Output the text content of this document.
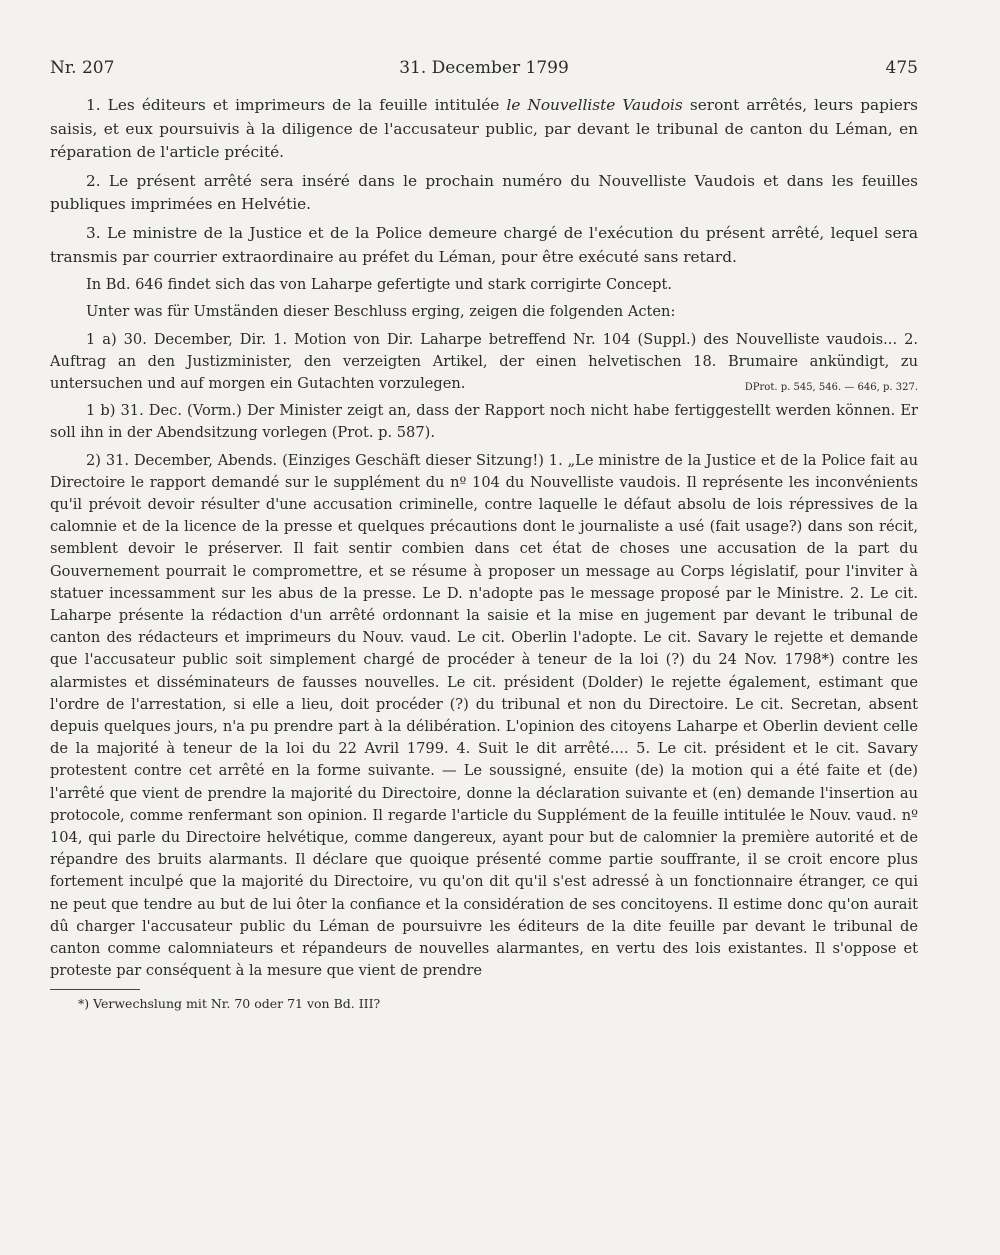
Nr. 207	31. December 1799	475

1. Les éditeurs et imprimeurs de la feuille intitulée le Nouvelliste Vaudois seront arrêtés, leurs papiers saisis, et eux poursuivis à la diligence de l'accusateur public, par devant le tribunal de canton du Léman, en réparation de l'article précité.

2. Le présent arrêté sera inséré dans le prochain numéro du Nouvelliste Vaudois et dans les feuilles publiques imprimées en Helvétie.

3. Le ministre de la Justice et de la Police demeure chargé de l'exécution du présent arrêté, lequel sera transmis par courrier extraordinaire au préfet du Léman, pour être exécuté sans retard.

In Bd. 646 findet sich das von Laharpe gefertigte und stark corrigirte Concept.

Unter was für Umständen dieser Beschluss erging, zeigen die folgenden Acten:

1 a) 30. December, Dir. 1. Motion von Dir. Laharpe betreffend Nr. 104 (Suppl.) des Nouvelliste vaudois... 2. Auftrag an den Justizminister, den verzeigten Artikel, der einen helvetischen 18. Brumaire ankündigt, zu untersuchen und auf morgen ein Gutachten vorzulegen.	DProt. p. 545, 546. — 646, p. 327.

1 b) 31. Dec. (Vorm.) Der Minister zeigt an, dass der Rapport noch nicht habe fertiggestellt werden können. Er soll ihn in der Abendsitzung vorlegen (Prot. p. 587).

2) 31. December, Abends. (Einziges Geschäft dieser Sitzung!) 1. „Le ministre de la Justice et de la Police fait au Directoire le rapport demandé sur le supplément du nº 104 du Nouvelliste vaudois. Il représente les inconvénients qu'il prévoit devoir résulter d'une accusation criminelle, contre laquelle le défaut absolu de lois répressives de la calomnie et de la licence de la presse et quelques précautions dont le journaliste a usé (fait usage?) dans son récit, semblent devoir le préserver. Il fait sentir combien dans cet état de choses une accusation de la part du Gouvernement pourrait le compromettre, et se résume à proposer un message au Corps législatif, pour l'inviter à statuer incessamment sur les abus de la presse. Le D. n'adopte pas le message proposé par le Ministre. 2. Le cit. Laharpe présente la rédaction d'un arrêté ordonnant la saisie et la mise en jugement par devant le tribunal de canton des rédacteurs et imprimeurs du Nouv. vaud. Le cit. Oberlin l'adopte. Le cit. Savary le rejette et demande que l'accusateur public soit simplement chargé de procéder à teneur de la loi (?) du 24 Nov. 1798*) contre les alarmistes et disséminateurs de fausses nouvelles. Le cit. président (Dolder) le rejette également, estimant que l'ordre de l'arrestation, si elle a lieu, doit procéder (?) du tribunal et non du Directoire. Le cit. Secretan, absent depuis quelques jours, n'a pu prendre part à la délibération. L'opinion des citoyens Laharpe et Oberlin devient celle de la majorité à teneur de la loi du 22 Avril 1799. 4. Suit le dit arrêté.... 5. Le cit. président et le cit. Savary protestent contre cet arrêté en la forme suivante. — Le soussigné, ensuite (de) la motion qui a été faite et (de) l'arrêté que vient de prendre la majorité du Directoire, donne la déclaration suivante et (en) demande l'insertion au protocole, comme renfermant son opinion. Il regarde l'article du Supplément de la feuille intitulée le Nouv. vaud. nº 104, qui parle du Directoire helvétique, comme dangereux, ayant pour but de calomnier la première autorité et de répandre des bruits alarmants. Il déclare que quoique présenté comme partie souffrante, il se croit encore plus fortement inculpé que la majorité du Directoire, vu qu'on dit qu'il s'est adressé à un fonctionnaire étranger, ce qui ne peut que tendre au but de lui ôter la confiance et la considération de ses concitoyens. Il estime donc qu'on aurait dû charger l'accusateur public du Léman de poursuivre les éditeurs de la dite feuille par devant le tribunal de canton comme calomniateurs et répandeurs de nouvelles alarmantes, en vertu des lois existantes. Il s'oppose et proteste par conséquent à la mesure que vient de prendre

*) Verwechslung mit Nr. 70 oder 71 von Bd. III?
